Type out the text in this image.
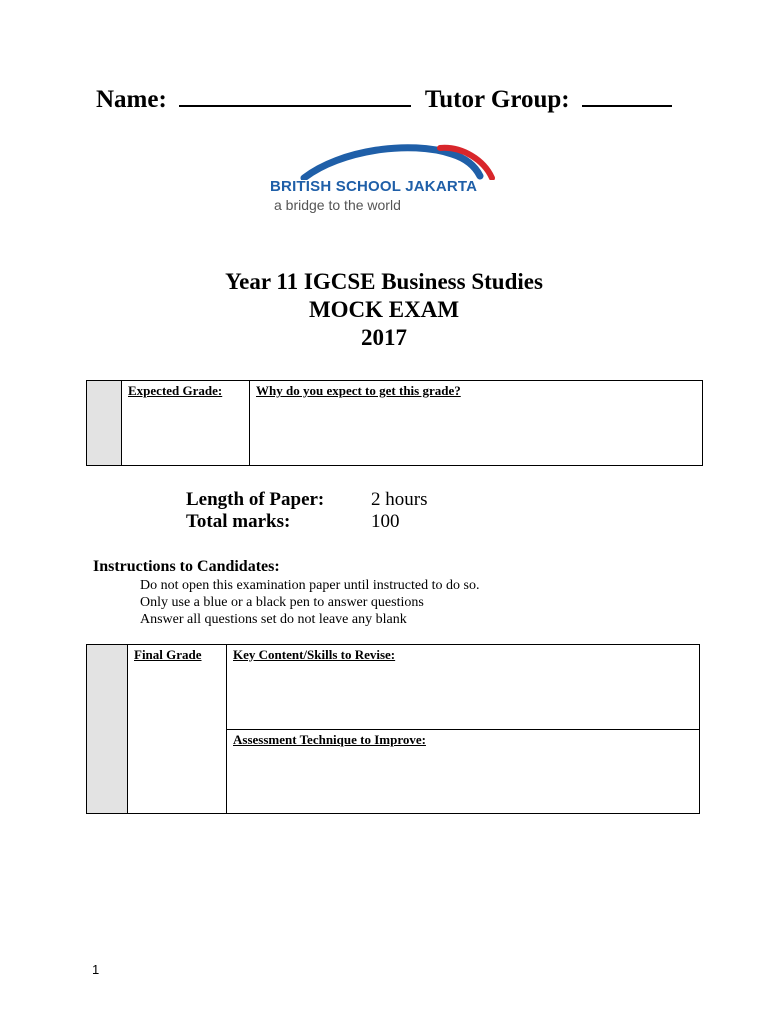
Name:	Tutor Group:
BRITISH SCHOOL JAKARTA
a bridge to the world
Year 11 IGCSE Business Studies
MOCK EXAM
2017
	Expected Grade:	Why do you expect to get this grade?
Length of Paper: 2 hours
Total marks:	100
Instructions to Candidates:
Do not open this examination paper until instructed to do so.
Only use a blue or a black pen to answer questions
Answer all questions set do not leave any blank
	Final Grade	Key Content/Skills to Revise:
Assessment Technique to Improve:
1
